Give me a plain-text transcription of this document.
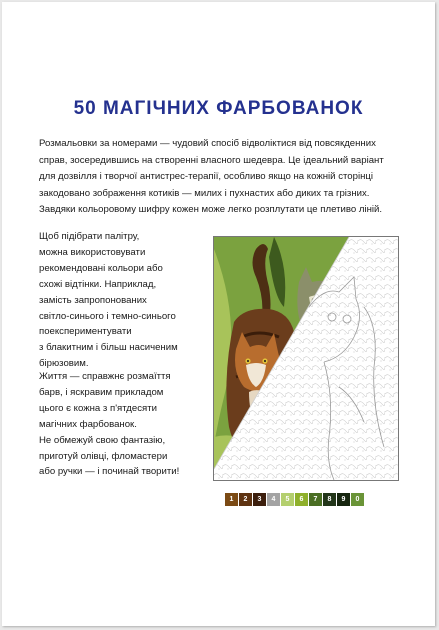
50 МАГІЧНИХ ФАРБОВАНОК

Розмальовки за номерами — чудовий спосіб відволіктися від повсякденних
справ, зосередившись на створенні власного шедевра. Це ідеальний варіант
для дозвілля і творчої антистрес-терапії, особливо якщо на кожній сторінці
закодовано зображення котиків — милих і пухнастих або диких та грізних.
Завдяки кольоровому шифру кожен може легко розплутати це плетиво ліній.

Щоб підібрати палітру,
можна використовувати
рекомендовані кольори або
схожі відтінки. Наприклад,
замість запропонованих
світло-синього і темно-синього
поекспериментувати
з блакитним і більш насиченим
бірюзовим.

Життя — справжнє розмаїття
барв, і яскравим прикладом
цього є кожна з п'ятдесяти
магічних фарбованок.
Не обмежуй свою фантазію,
приготуй олівці, фломастери
або ручки — і починай творити!

1	2	3	4	5	6	7	8	9	0
